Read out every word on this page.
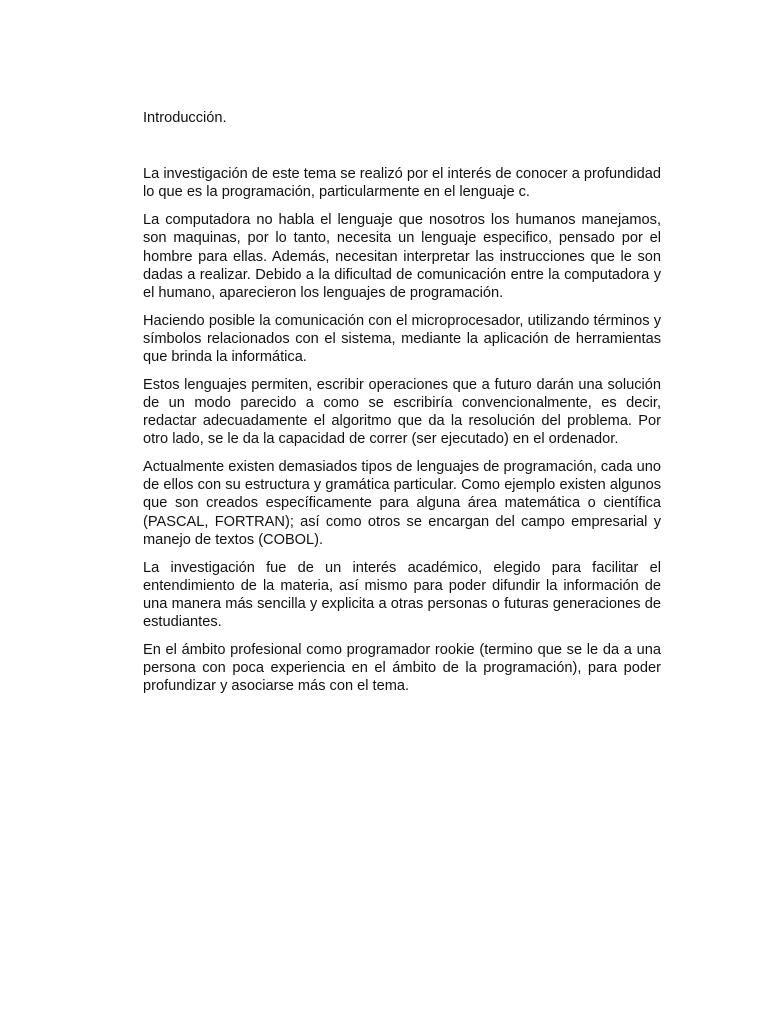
Introducción.

La investigación de este tema se realizó por el interés de conocer a profundidad lo que es la programación, particularmente en el lenguaje c.

La computadora no habla el lenguaje que nosotros los humanos manejamos, son maquinas, por lo tanto, necesita un lenguaje especifico, pensado por el hombre para ellas. Además, necesitan interpretar las instrucciones que le son dadas a realizar. Debido a la dificultad de comunicación entre la computadora y el humano, aparecieron los lenguajes de programación.

Haciendo posible la comunicación con el microprocesador, utilizando términos y símbolos relacionados con el sistema, mediante la aplicación de herramientas que brinda la informática.

Estos lenguajes permiten, escribir operaciones que a futuro darán una solución de un modo parecido a como se escribiría convencionalmente, es decir, redactar adecuadamente el algoritmo que da la resolución del problema. Por otro lado, se le da la capacidad de correr (ser ejecutado) en el ordenador.

Actualmente existen demasiados tipos de lenguajes de programación, cada uno de ellos con su estructura y gramática particular. Como ejemplo existen algunos que son creados específicamente para alguna área matemática o científica (PASCAL, FORTRAN); así como otros se encargan del campo empresarial y manejo de textos (COBOL).

La investigación fue de un interés académico, elegido para facilitar el entendimiento de la materia, así mismo para poder difundir la información de una manera más sencilla y explicita a otras personas o futuras generaciones de estudiantes.

En el ámbito profesional como programador rookie (termino que se le da a una persona con poca experiencia en el ámbito de la programación), para poder profundizar y asociarse más con el tema.
